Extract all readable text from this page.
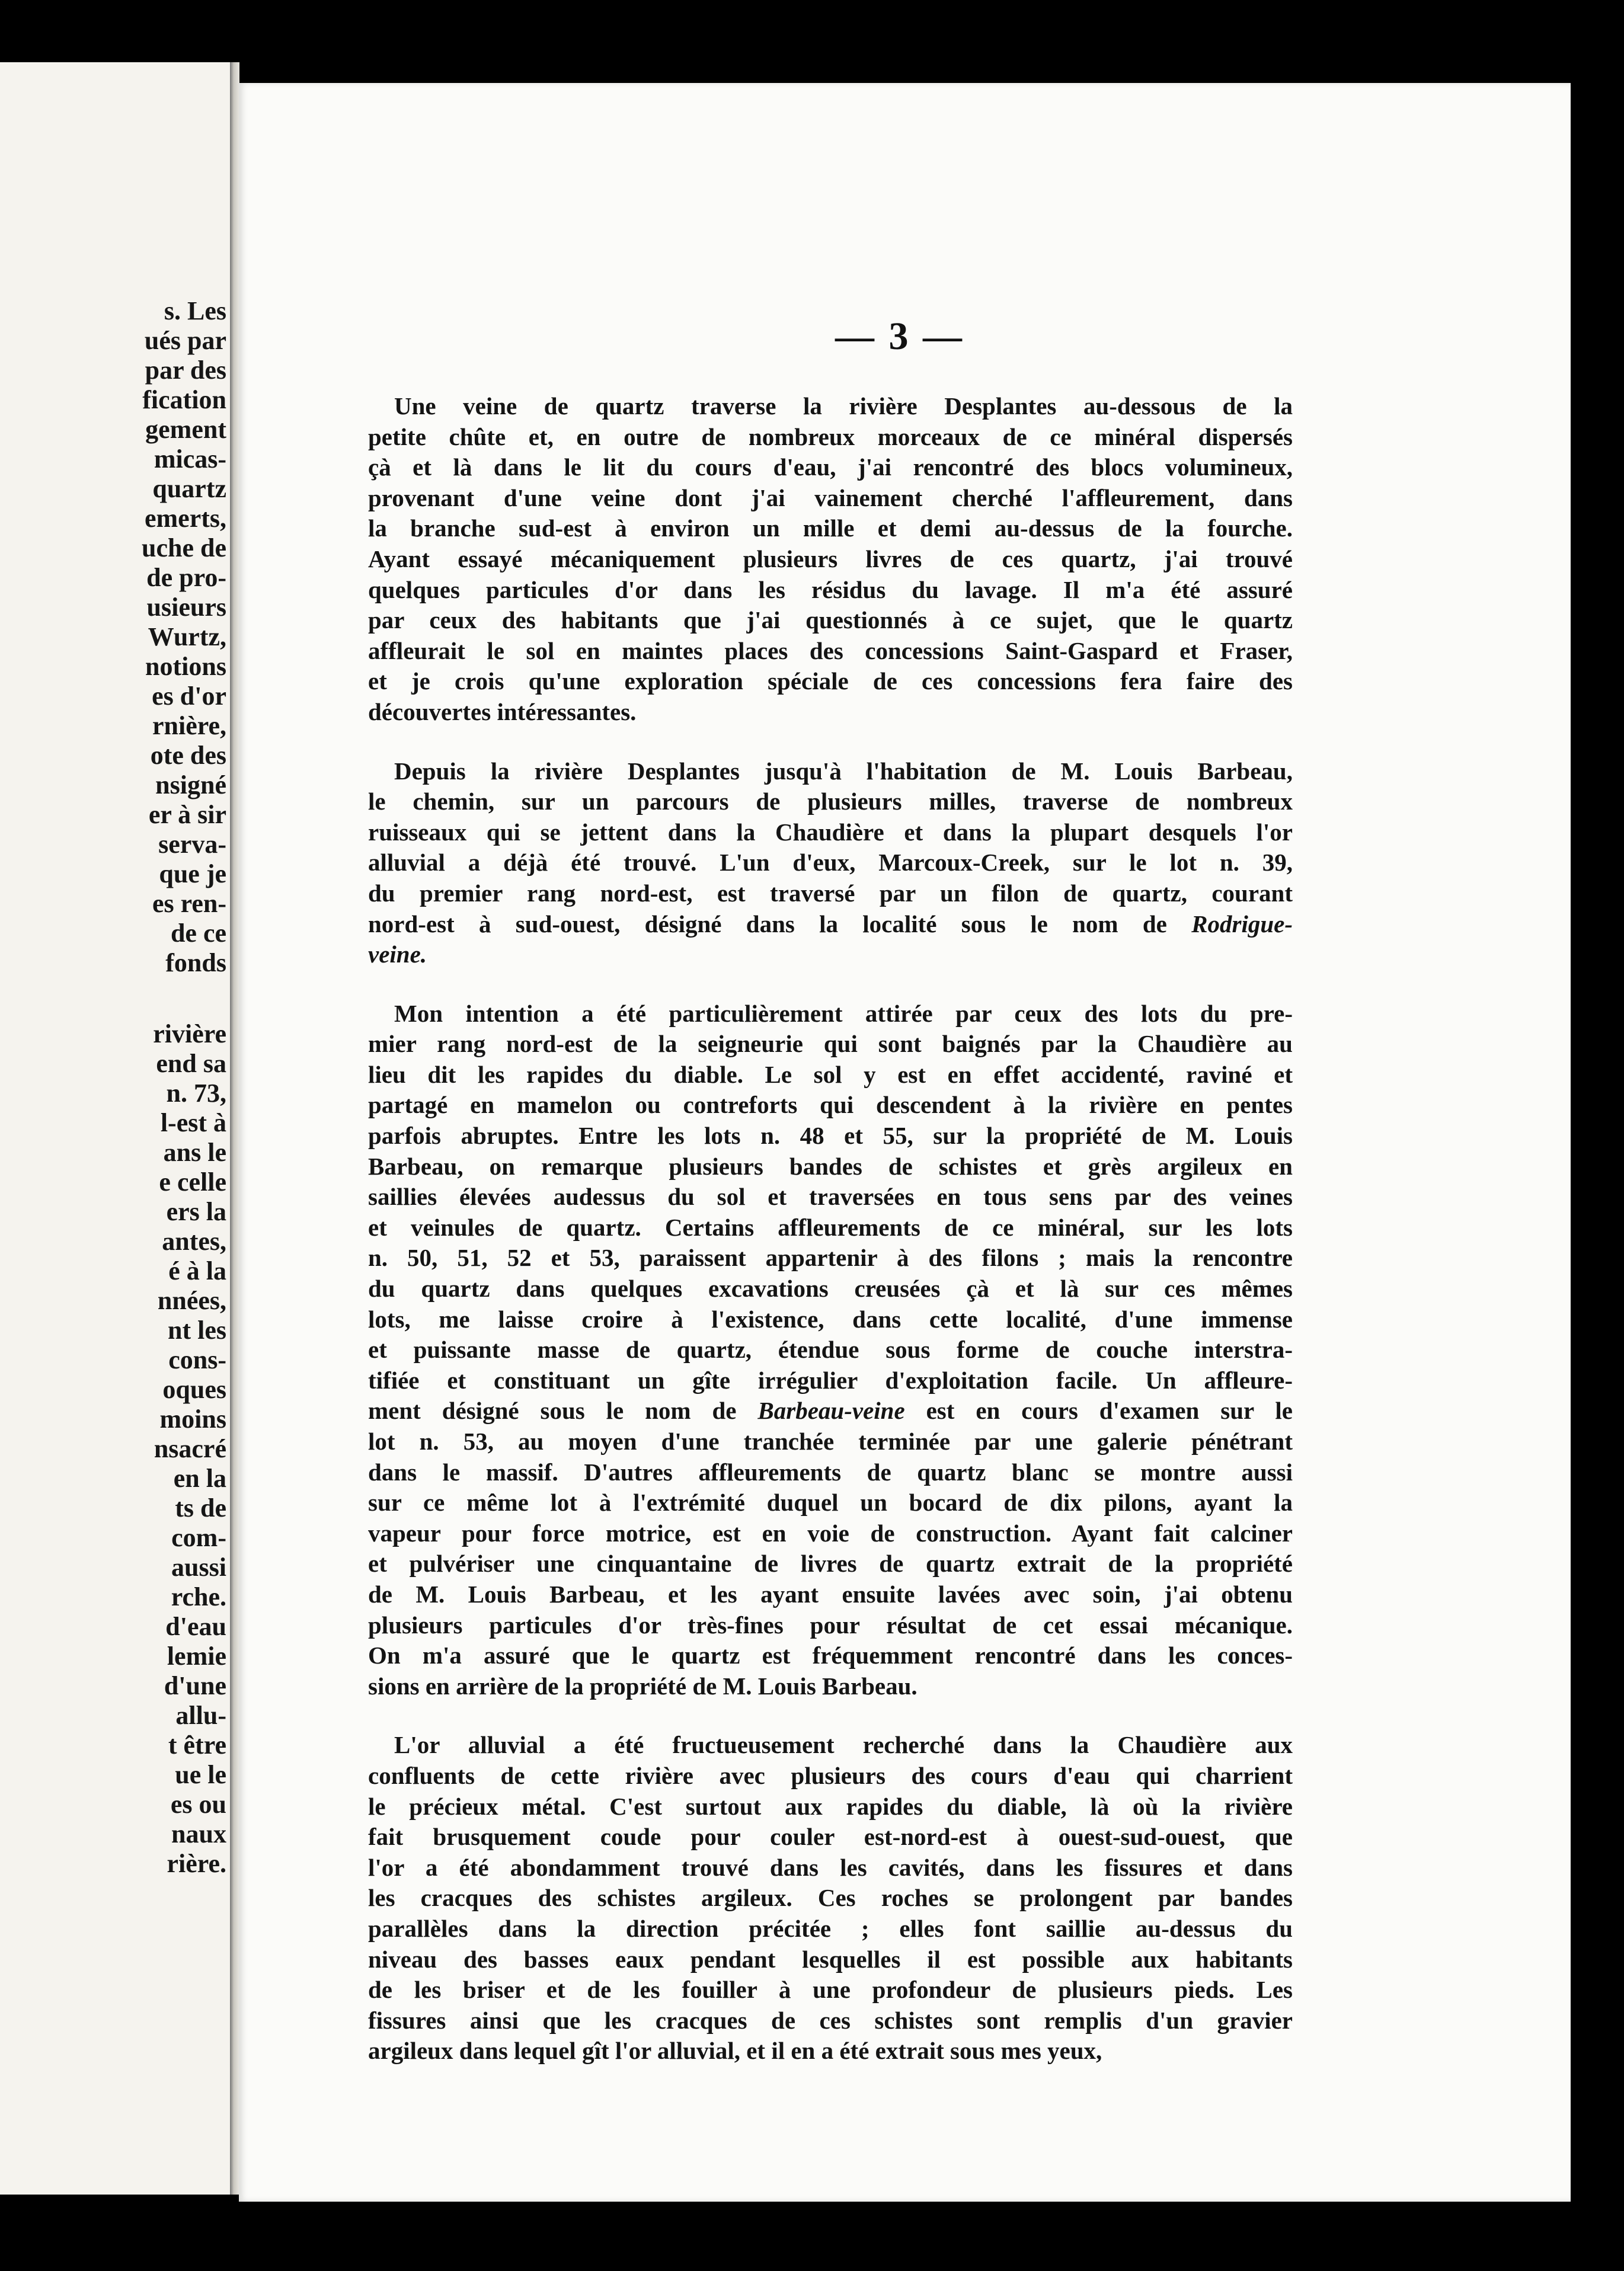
s. Les
ués par
par des
fication
gement
micas-
quartz
emerts,
uche de
de pro-
usieurs
Wurtz,
notions
es d'or
rnière,
ote des
nsigné
er à sir
servа-
que je
es ren-
de ce
fonds
rivière
end sa
n. 73,
l-est à
ans le
e celle
ers la
antes,
é à la
nnées,
nt les
cons-
oques
moins
nsacré
en la
ts de
com-
aussi
rche.
d'eau
lemie
d'une
allu-
t être
ue le
es ou
naux
rière.
— 3 —
Une veine de quartz traverse la rivière Desplantes au-dessous de la
petite chûte et, en outre de nombreux morceaux de ce minéral dispersés
çà et là dans le lit du cours d'eau, j'ai rencontré des blocs volumineux,
provenant d'une veine dont j'ai vainement cherché l'affleurement, dans
la branche sud-est à environ un mille et demi au-dessus de la fourche.
Ayant essayé mécaniquement plusieurs livres de ces quartz, j'ai trouvé
quelques particules d'or dans les résidus du lavage. Il m'a été assuré
par ceux des habitants que j'ai questionnés à ce sujet, que le quartz
affleurait le sol en maintes places des concessions Saint-Gaspard et Fraser,
et je crois qu'une exploration spéciale de ces concessions fera faire des
découvertes intéressantes.
Depuis la rivière Desplantes jusqu'à l'habitation de M. Louis Barbeau,
le chemin, sur un parcours de plusieurs milles, traverse de nombreux
ruisseaux qui se jettent dans la Chaudière et dans la plupart desquels l'or
alluvial a déjà été trouvé. L'un d'eux, Marcoux-Creek, sur le lot n. 39,
du premier rang nord-est, est traversé par un filon de quartz, courant
nord-est à sud-ouest, désigné dans la localité sous le nom de Rodrigue-
veine.
Mon intention a été particulièrement attirée par ceux des lots du pre-
mier rang nord-est de la seigneurie qui sont baignés par la Chaudière au
lieu dit les rapides du diable. Le sol y est en effet accidenté, raviné et
partagé en mamelon ou contreforts qui descendent à la rivière en pentes
parfois abruptes. Entre les lots n. 48 et 55, sur la propriété de M. Louis
Barbeau, on remarque plusieurs bandes de schistes et grès argileux en
saillies élevées audessus du sol et traversées en tous sens par des veines
et veinules de quartz. Certains affleurements de ce minéral, sur les lots
n. 50, 51, 52 et 53, paraissent appartenir à des filons ; mais la rencontre
du quartz dans quelques excavations creusées çà et là sur ces mêmes
lots, me laisse croire à l'existence, dans cette localité, d'une immense
et puissante masse de quartz, étendue sous forme de couche interstra-
tifiée et constituant un gîte irrégulier d'exploitation facile. Un affleure-
ment désigné sous le nom de Barbeau-veine est en cours d'examen sur le
lot n. 53, au moyen d'une tranchée terminée par une galerie pénétrant
dans le massif. D'autres affleurements de quartz blanc se montre aussi
sur ce même lot à l'extrémité duquel un bocard de dix pilons, ayant la
vapeur pour force motrice, est en voie de construction. Ayant fait calciner
et pulvériser une cinquantaine de livres de quartz extrait de la propriété
de M. Louis Barbeau, et les ayant ensuite lavées avec soin, j'ai obtenu
plusieurs particules d'or très-fines pour résultat de cet essai mécanique.
On m'a assuré que le quartz est fréquemment rencontré dans les conces-
sions en arrière de la propriété de M. Louis Barbeau.
L'or alluvial a été fructueusement recherché dans la Chaudière aux
confluents de cette rivière avec plusieurs des cours d'eau qui charrient
le précieux métal. C'est surtout aux rapides du diable, là où la rivière
fait brusquement coude pour couler est-nord-est à ouest-sud-ouest, que
l'or a été abondamment trouvé dans les cavités, dans les fissures et dans
les cracques des schistes argileux. Ces roches se prolongent par bandes
parallèles dans la direction précitée ; elles font saillie au-dessus du
niveau des basses eaux pendant lesquelles il est possible aux habitants
de les briser et de les fouiller à une profondeur de plusieurs pieds. Les
fissures ainsi que les cracques de ces schistes sont remplis d'un gravier
argileux dans lequel gît l'or alluvial, et il en a été extrait sous mes yeux,
